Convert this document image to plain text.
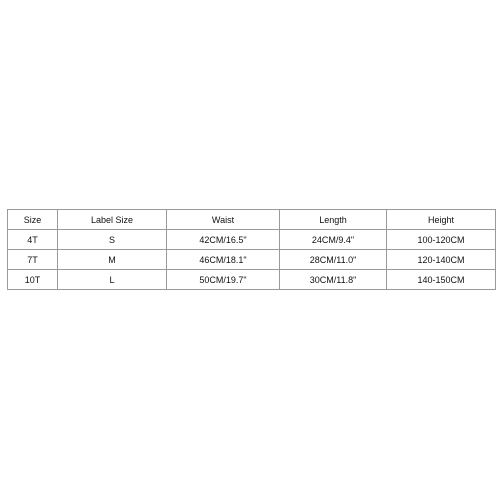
Size	Label Size	Waist	Length	Height
4T	S	42CM/16.5"	24CM/9.4"	100-120CM
7T	M	46CM/18.1"	28CM/11.0"	120-140CM
10T	L	50CM/19.7"	30CM/11.8"	140-150CM
